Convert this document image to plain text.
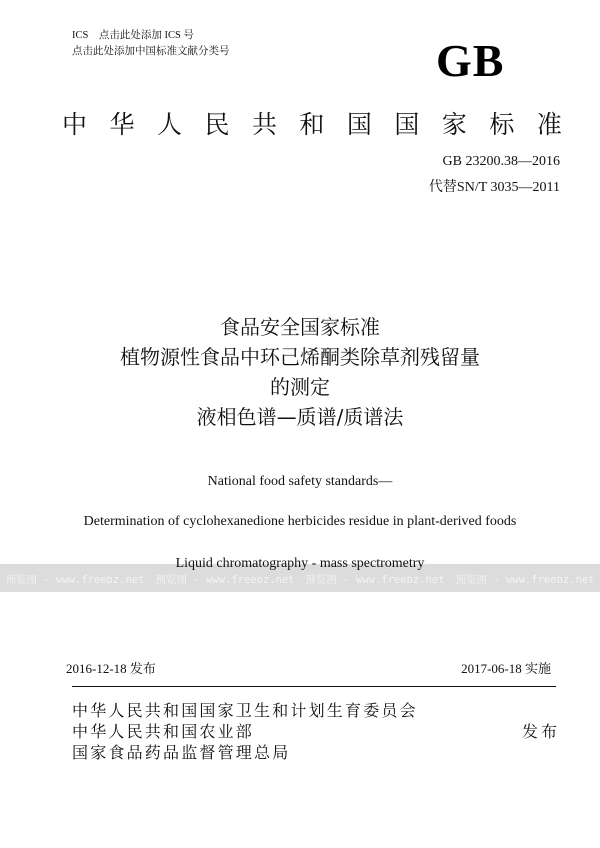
ICS　点击此处添加 ICS 号
点击此处添加中国标准文献分类号	GB
中 华 人 民 共 和 国 国 家 标 准
GB 23200.38—2016
代替SN/T 3035—2011
食品安全国家标准
植物源性食品中环己烯酮类除草剂残留量
的测定
液相色谱—质谱/质谱法
National food safety standards—
Determination of cyclohexanedione herbicides residue in plant-derived foods
预览图 - www.freebz.net 预览图 - www.freebz.net 预览图 - www.freebz.net 预览图 - www.freebz.net
Liquid chromatography - mass spectrometry
2016-12-18 发布	2017-06-18 实施
中华人民共和国国家卫生和计划生育委员会
中华人民共和国农业部
国家食品药品监督管理总局
发布
